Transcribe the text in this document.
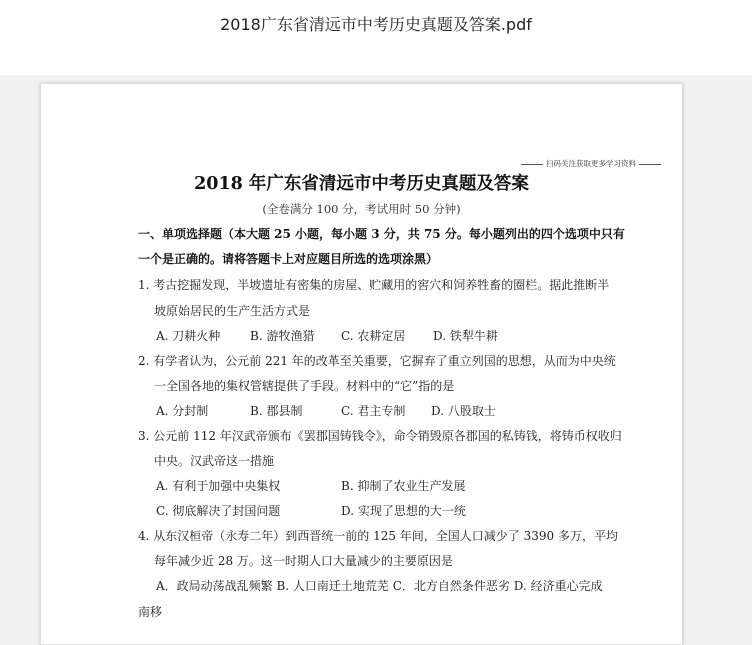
2018广东省清远市中考历史真题及答案.pdf
扫码关注获取更多学习资料
2018 年广东省清远市中考历史真题及答案
(全卷满分 100 分，考试用时 50 分钟)
一、单项选择题（本大题 25 小题，每小题 3 分，共 75 分。每小题列出的四个选项中只有
一个是正确的。请将答题卡上对应题目所选的选项涂黑）
1. 考古挖掘发现，半坡遗址有密集的房屋、贮藏用的窖穴和饲养牲畜的圈栏。据此推断半
坡原始居民的生产生活方式是
A. 刀耕火种 B. 游牧渔猎 C. 农耕定居 D. 铁犁牛耕
2. 有学者认为，公元前 221 年的改革至关重要，它摒弃了重立列国的思想，从而为中央统
一全国各地的集权管辖提供了手段。材料中的“它”指的是
A. 分封制	B. 郡县制	C. 君主专制 D. 八股取士
3. 公元前 112 年汉武帝颁布《罢郡国铸钱令》，命令销毁原各郡国的私铸钱，将铸币权收归
中央。汉武帝这一措施
A. 有利于加强中央集权	B. 抑制了农业生产发展
C. 彻底解决了封国问题	D. 实现了思想的大一统
4. 从东汉桓帝（永寿二年）到西晋统一前的 125 年间，全国人口减少了 3390 多万，平均
每年减少近 28 万。这一时期人口大量减少的主要原因是
A．政局动荡战乱频繁 B. 人口南迁土地荒芜 C．北方自然条件恶劣 D. 经济重心完成
南移
